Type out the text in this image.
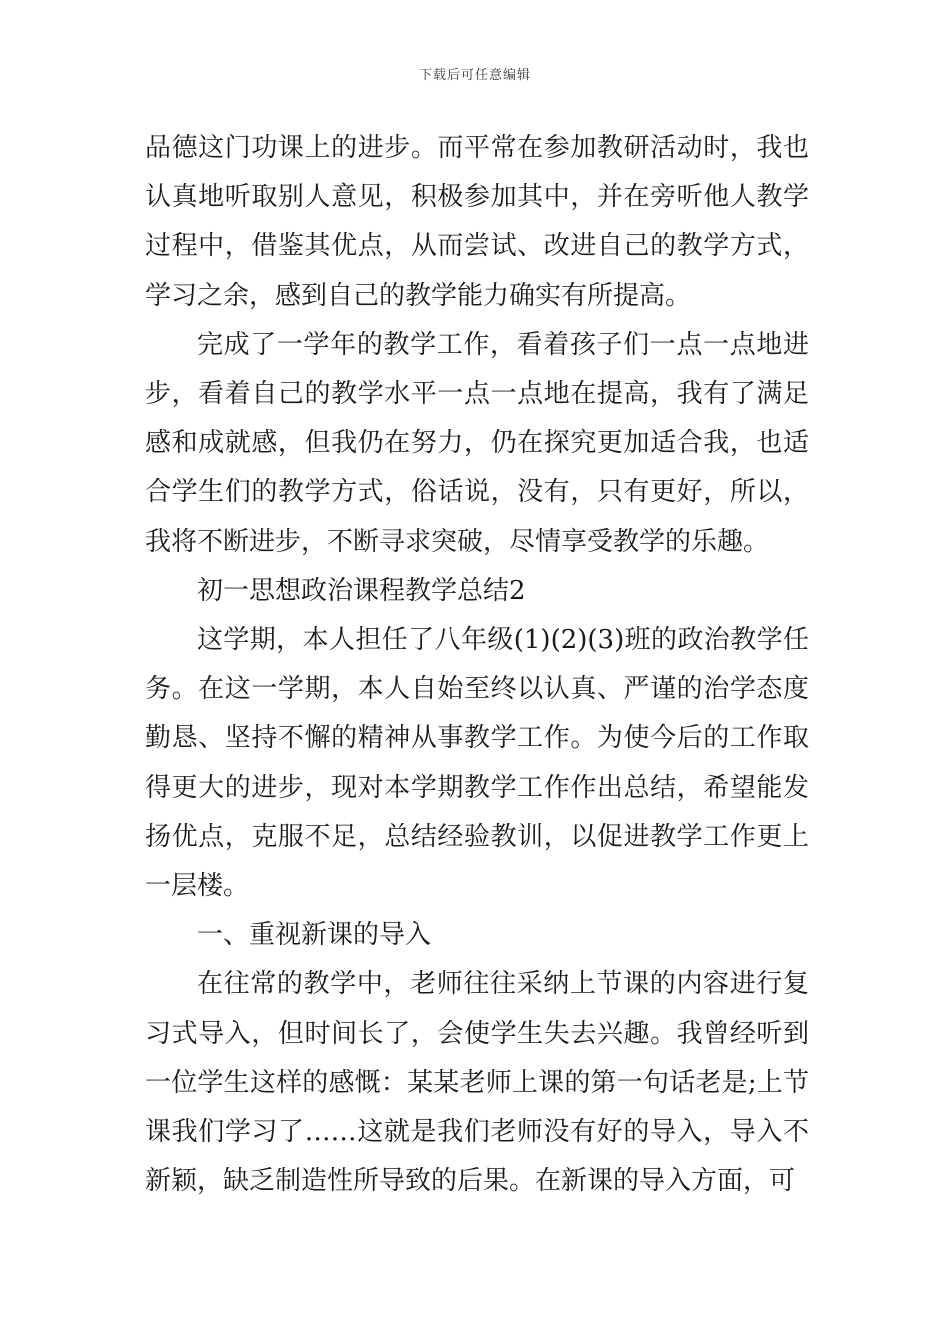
下载后可任意编辑

品德这门功课上的进步。而平常在参加教研活动时，我也认真地听取别人意见，积极参加其中，并在旁听他人教学过程中，借鉴其优点，从而尝试、改进自己的教学方式，学习之余，感到自己的教学能力确实有所提高。

完成了一学年的教学工作，看着孩子们一点一点地进步，看着自己的教学水平一点一点地在提高，我有了满足感和成就感，但我仍在努力，仍在探究更加适合我，也适合学生们的教学方式，俗话说，没有，只有更好，所以，我将不断进步，不断寻求突破，尽情享受教学的乐趣。

初一思想政治课程教学总结2

这学期，本人担任了八年级(1)(2)(3)班的政治教学任务。在这一学期，本人自始至终以认真、严谨的治学态度勤恳、坚持不懈的精神从事教学工作。为使今后的工作取得更大的进步，现对本学期教学工作作出总结，希望能发扬优点，克服不足，总结经验教训，以促进教学工作更上一层楼。

一、重视新课的导入

在往常的教学中，老师往往采纳上节课的内容进行复习式导入，但时间长了，会使学生失去兴趣。我曾经听到一位学生这样的感慨：某某老师上课的第一句话老是;上节课我们学习了……这就是我们老师没有好的导入，导入不新颖，缺乏制造性所导致的后果。在新课的导入方面，可
